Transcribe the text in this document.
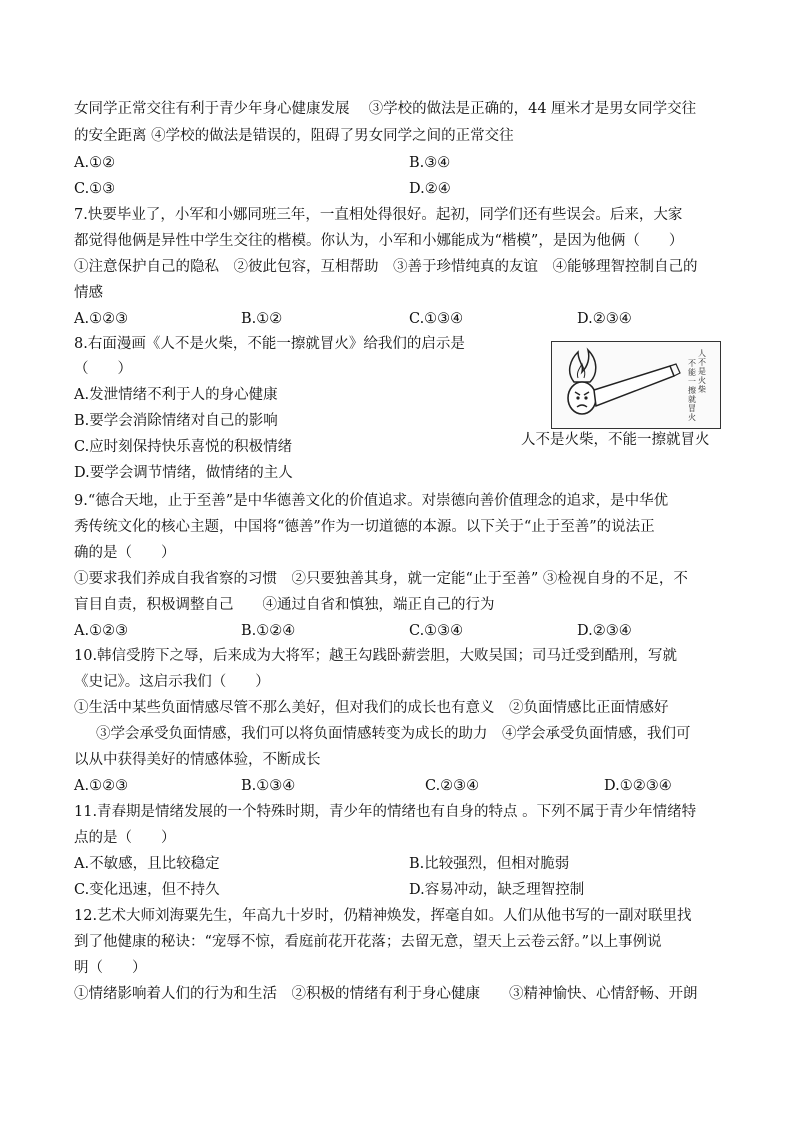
女同学正常交往有利于青少年身心健康发展　 ③学校的做法是正确的，44 厘米才是男女同学交往
的安全距离 ④学校的做法是错误的，阻碍了男女同学之间的正常交往
A.①②	B.③④
C.①③	D.②④
7.快要毕业了，小军和小娜同班三年，一直相处得很好。起初，同学们还有些误会。后来，大家
都觉得他俩是异性中学生交往的楷模。你认为，小军和小娜能成为“楷模”，是因为他俩（　　）
①注意保护自己的隐私　②彼此包容，互相帮助　③善于珍惜纯真的友谊　④能够理智控制自己的
情感
A.①②③	B.①②	C.①③④	D.②③④
8.右面漫画《人不是火柴，不能一擦就冒火》给我们的启示是
（　　）
A.发泄情绪不利于人的身心健康
B.要学会消除情绪对自己的影响
C.应时刻保持快乐喜悦的积极情绪
D.要学会调节情绪，做情绪的主人
人
不
是
火
柴
不
能
一
擦
就
冒
火
人不是火柴，不能一擦就冒火
9.“德合天地，止于至善”是中华德善文化的价值追求。对崇德向善价值理念的追求，是中华优
秀传统文化的核心主题，中国将“德善”作为一切道德的本源。以下关于“止于至善”的说法正
确的是（　　）
①要求我们养成自我省察的习惯　②只要独善其身，就一定能“止于至善” ③检视自身的不足，不
盲目自责，积极调整自己　　④通过自省和慎独，端正自己的行为
A.①②③	B.①②④	C.①③④	D.②③④
10.韩信受胯下之辱，后来成为大将军；越王勾践卧薪尝胆，大败吴国；司马迁受到酷刑，写就
《史记》。这启示我们（　　）
①生活中某些负面情感尽管不那么美好，但对我们的成长也有意义　②负面情感比正面情感好
③学会承受负面情感，我们可以将负面情感转变为成长的助力　④学会承受负面情感，我们可
以从中获得美好的情感体验，不断成长
A.①②③	B.①③④	C.②③④	D.①②③④
11.青春期是情绪发展的一个特殊时期，青少年的情绪也有自身的特点 。下列不属于青少年情绪特
点的是（　　）
A.不敏感，且比较稳定	B.比较强烈，但相对脆弱
C.变化迅速，但不持久	D.容易冲动，缺乏理智控制
12.艺术大师刘海粟先生，年高九十岁时，仍精神焕发，挥毫自如。人们从他书写的一副对联里找
到了他健康的秘诀：“宠辱不惊，看庭前花开花落；去留无意，望天上云卷云舒。”以上事例说
明（　　）
①情绪影响着人们的行为和生活　②积极的情绪有利于身心健康　　③精神愉快、心情舒畅、开朗
